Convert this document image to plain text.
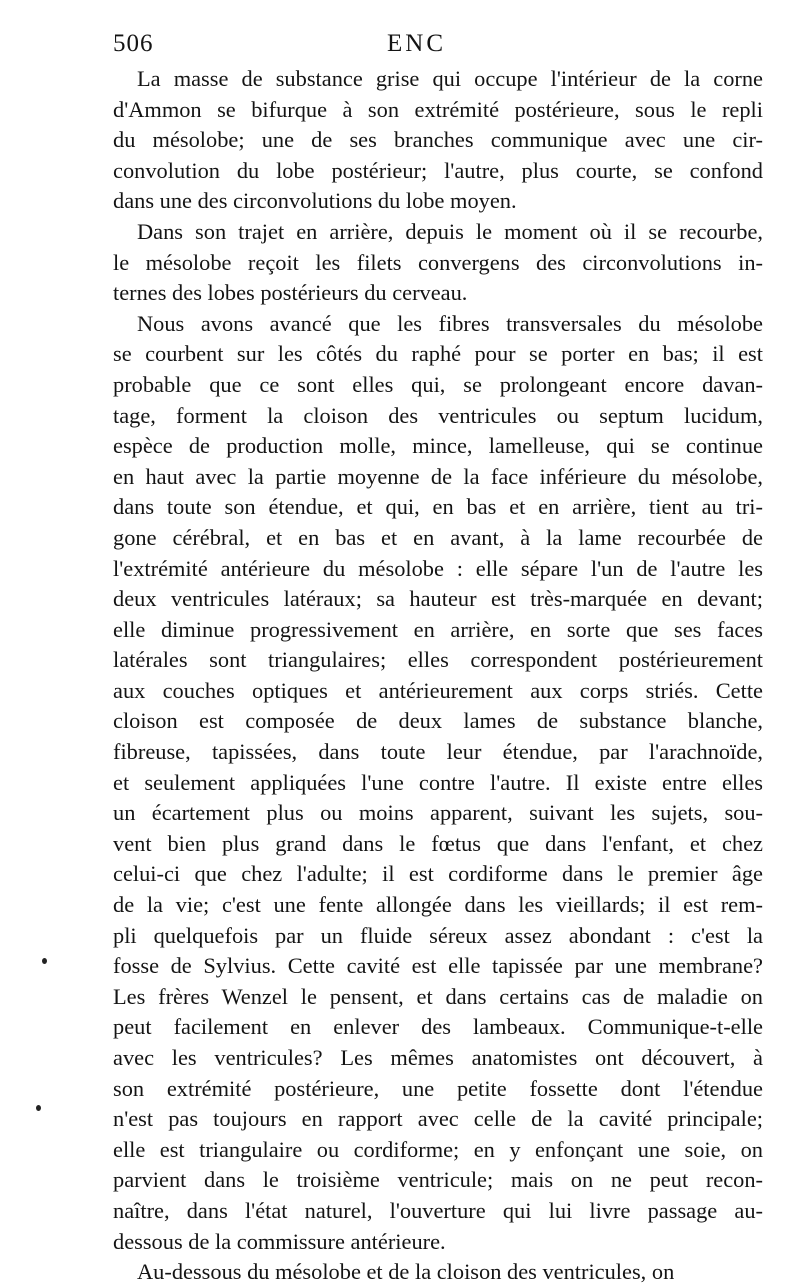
506	ENC
La masse de substance grise qui occupe l'intérieur de la corne
d'Ammon se bifurque à son extrémité postérieure, sous le repli
du mésolobe; une de ses branches communique avec une cir-
convolution du lobe postérieur; l'autre, plus courte, se confond
dans une des circonvolutions du lobe moyen.
Dans son trajet en arrière, depuis le moment où il se recourbe,
le mésolobe reçoit les filets convergens des circonvolutions in-
ternes des lobes postérieurs du cerveau.
Nous avons avancé que les fibres transversales du mésolobe
se courbent sur les côtés du raphé pour se porter en bas; il est
probable que ce sont elles qui, se prolongeant encore davan-
tage, forment la cloison des ventricules ou septum lucidum,
espèce de production molle, mince, lamelleuse, qui se continue
en haut avec la partie moyenne de la face inférieure du mésolobe,
dans toute son étendue, et qui, en bas et en arrière, tient au tri-
gone cérébral, et en bas et en avant, à la lame recourbée de
l'extrémité antérieure du mésolobe : elle sépare l'un de l'autre les
deux ventricules latéraux; sa hauteur est très-marquée en devant;
elle diminue progressivement en arrière, en sorte que ses faces
latérales sont triangulaires; elles correspondent postérieurement
aux couches optiques et antérieurement aux corps striés. Cette
cloison est composée de deux lames de substance blanche,
fibreuse, tapissées, dans toute leur étendue, par l'arachnoïde,
et seulement appliquées l'une contre l'autre. Il existe entre elles
un écartement plus ou moins apparent, suivant les sujets, sou-
vent bien plus grand dans le fœtus que dans l'enfant, et chez
celui-ci que chez l'adulte; il est cordiforme dans le premier âge
de la vie; c'est une fente allongée dans les vieillards; il est rem-
pli quelquefois par un fluide séreux assez abondant : c'est la
fosse de Sylvius. Cette cavité est elle tapissée par une membrane?
Les frères Wenzel le pensent, et dans certains cas de maladie on
peut facilement en enlever des lambeaux. Communique-t-elle
avec les ventricules? Les mêmes anatomistes ont découvert, à
son extrémité postérieure, une petite fossette dont l'étendue
n'est pas toujours en rapport avec celle de la cavité principale;
elle est triangulaire ou cordiforme; en y enfonçant une soie, on
parvient dans le troisième ventricule; mais on ne peut recon-
naître, dans l'état naturel, l'ouverture qui lui livre passage au-
dessous de la commissure antérieure.
Au-dessous du mésolobe et de la cloison des ventricules, on
